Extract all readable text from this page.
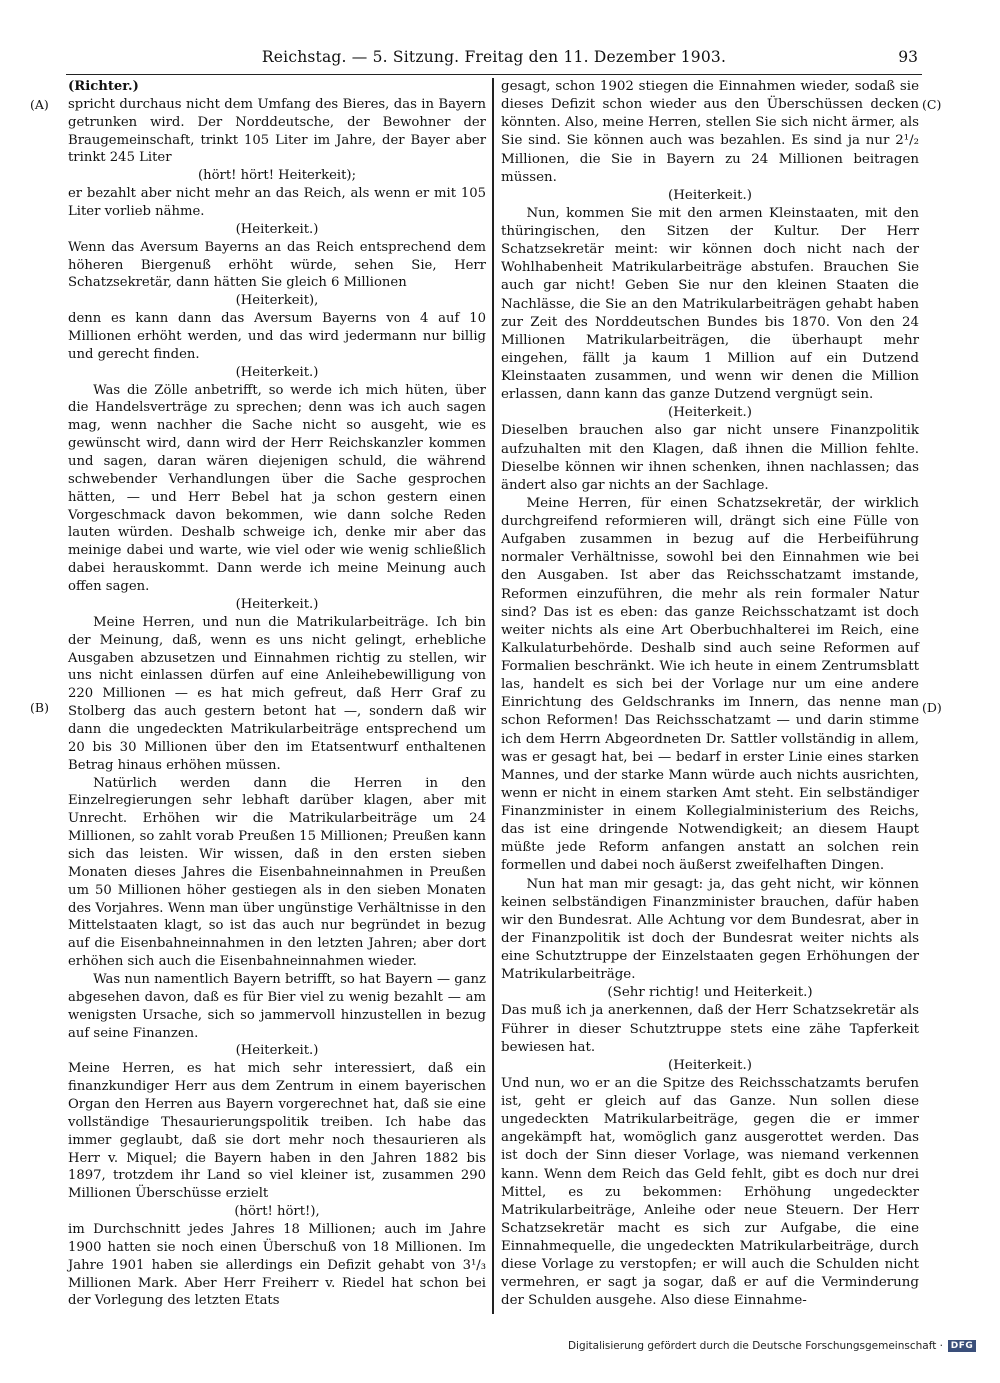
Reichstag. — 5. Sitzung. Freitag den 11. Dezember 1903.	93
(A)
(B)
(C)
(D)

(Richter.)

spricht durchaus nicht dem Umfang des Bieres, das in Bayern getrunken wird. Der Norddeutsche, der Bewohner der Braugemeinschaft, trinkt 105 Liter im Jahre, der Bayer aber trinkt 245 Liter

(hört! hört! Heiterkeit);

er bezahlt aber nicht mehr an das Reich, als wenn er mit 105 Liter vorlieb nähme.

(Heiterkeit.)

Wenn das Aversum Bayerns an das Reich entsprechend dem höheren Biergenuß erhöht würde, sehen Sie, Herr Schatzsekretär, dann hätten Sie gleich 6 Millionen

(Heiterkeit),

denn es kann dann das Aversum Bayerns von 4 auf 10 Millionen erhöht werden, und das wird jedermann nur billig und gerecht finden.

(Heiterkeit.)

Was die Zölle anbetrifft, so werde ich mich hüten, über die Handelsverträge zu sprechen; denn was ich auch sagen mag, wenn nachher die Sache nicht so ausgeht, wie es gewünscht wird, dann wird der Herr Reichskanzler kommen und sagen, daran wären diejenigen schuld, die während schwebender Verhandlungen über die Sache gesprochen hätten, — und Herr Bebel hat ja schon gestern einen Vorgeschmack davon bekommen, wie dann solche Reden lauten würden. Deshalb schweige ich, denke mir aber das meinige dabei und warte, wie viel oder wie wenig schließlich dabei herauskommt. Dann werde ich meine Meinung auch offen sagen.

(Heiterkeit.)

Meine Herren, und nun die Matrikularbeiträge. Ich bin der Meinung, daß, wenn es uns nicht gelingt, erhebliche Ausgaben abzusetzen und Einnahmen richtig zu stellen, wir uns nicht einlassen dürfen auf eine Anleihebewilligung von 220 Millionen — es hat mich gefreut, daß Herr Graf zu Stolberg das auch gestern betont hat —, sondern daß wir dann die ungedeckten Matrikularbeiträge entsprechend um 20 bis 30 Millionen über den im Etatsentwurf enthaltenen Betrag hinaus erhöhen müssen.

Natürlich werden dann die Herren in den Einzelregierungen sehr lebhaft darüber klagen, aber mit Unrecht. Erhöhen wir die Matrikularbeiträge um 24 Millionen, so zahlt vorab Preußen 15 Millionen; Preußen kann sich das leisten. Wir wissen, daß in den ersten sieben Monaten dieses Jahres die Eisenbahneinnahmen in Preußen um 50 Millionen höher gestiegen als in den sieben Monaten des Vorjahres. Wenn man über ungünstige Verhältnisse in den Mittelstaaten klagt, so ist das auch nur begründet in bezug auf die Eisenbahneinnahmen in den letzten Jahren; aber dort erhöhen sich auch die Eisenbahneinnahmen wieder.

Was nun namentlich Bayern betrifft, so hat Bayern — ganz abgesehen davon, daß es für Bier viel zu wenig bezahlt — am wenigsten Ursache, sich so jammervoll hinzustellen in bezug auf seine Finanzen.

(Heiterkeit.)

Meine Herren, es hat mich sehr interessiert, daß ein finanzkundiger Herr aus dem Zentrum in einem bayerischen Organ den Herren aus Bayern vorgerechnet hat, daß sie eine vollständige Thesaurierungspolitik treiben. Ich habe das immer geglaubt, daß sie dort mehr noch thesaurieren als Herr v. Miquel; die Bayern haben in den Jahren 1882 bis 1897, trotzdem ihr Land so viel kleiner ist, zusammen 290 Millionen Überschüsse erzielt

(hört! hört!),

im Durchschnitt jedes Jahres 18 Millionen; auch im Jahre 1900 hatten sie noch einen Überschuß von 18 Millionen. Im Jahre 1901 haben sie allerdings ein Defizit gehabt von 3¹/₃ Millionen Mark. Aber Herr Freiherr v. Riedel hat schon bei der Vorlegung des letzten Etats

gesagt, schon 1902 stiegen die Einnahmen wieder, sodaß sie dieses Defizit schon wieder aus den Überschüssen decken könnten. Also, meine Herren, stellen Sie sich nicht ärmer, als Sie sind. Sie können auch was bezahlen. Es sind ja nur 2¹/₂ Millionen, die Sie in Bayern zu 24 Millionen beitragen müssen.

(Heiterkeit.)

Nun, kommen Sie mit den armen Kleinstaaten, mit den thüringischen, den Sitzen der Kultur. Der Herr Schatzsekretär meint: wir können doch nicht nach der Wohlhabenheit Matrikularbeiträge abstufen. Brauchen Sie auch gar nicht! Geben Sie nur den kleinen Staaten die Nachlässe, die Sie an den Matrikularbeiträgen gehabt haben zur Zeit des Norddeutschen Bundes bis 1870. Von den 24 Millionen Matrikularbeiträgen, die überhaupt mehr eingehen, fällt ja kaum 1 Million auf ein Dutzend Kleinstaaten zusammen, und wenn wir denen die Million erlassen, dann kann das ganze Dutzend vergnügt sein.

(Heiterkeit.)

Dieselben brauchen also gar nicht unsere Finanzpolitik aufzuhalten mit den Klagen, daß ihnen die Million fehlte. Dieselbe können wir ihnen schenken, ihnen nachlassen; das ändert also gar nichts an der Sachlage.

Meine Herren, für einen Schatzsekretär, der wirklich durchgreifend reformieren will, drängt sich eine Fülle von Aufgaben zusammen in bezug auf die Herbeiführung normaler Verhältnisse, sowohl bei den Einnahmen wie bei den Ausgaben. Ist aber das Reichsschatzamt imstande, Reformen einzuführen, die mehr als rein formaler Natur sind? Das ist es eben: das ganze Reichsschatzamt ist doch weiter nichts als eine Art Oberbuchhalterei im Reich, eine Kalkulaturbehörde. Deshalb sind auch seine Reformen auf Formalien beschränkt. Wie ich heute in einem Zentrumsblatt las, handelt es sich bei der Vorlage nur um eine andere Einrichtung des Geldschranks im Innern, das nenne man schon Reformen! Das Reichsschatzamt — und darin stimme ich dem Herrn Abgeordneten Dr. Sattler vollständig in allem, was er gesagt hat, bei — bedarf in erster Linie eines starken Mannes, und der starke Mann würde auch nichts ausrichten, wenn er nicht in einem starken Amt steht. Ein selbständiger Finanzminister in einem Kollegialministerium des Reichs, das ist eine dringende Notwendigkeit; an diesem Haupt müßte jede Reform anfangen anstatt an solchen rein formellen und dabei noch äußerst zweifelhaften Dingen.

Nun hat man mir gesagt: ja, das geht nicht, wir können keinen selbständigen Finanzminister brauchen, dafür haben wir den Bundesrat. Alle Achtung vor dem Bundesrat, aber in der Finanzpolitik ist doch der Bundesrat weiter nichts als eine Schutztruppe der Einzelstaaten gegen Erhöhungen der Matrikularbeiträge.

(Sehr richtig! und Heiterkeit.)

Das muß ich ja anerkennen, daß der Herr Schatzsekretär als Führer in dieser Schutztruppe stets eine zähe Tapferkeit bewiesen hat.

(Heiterkeit.)

Und nun, wo er an die Spitze des Reichsschatzamts berufen ist, geht er gleich auf das Ganze. Nun sollen diese ungedeckten Matrikularbeiträge, gegen die er immer angekämpft hat, womöglich ganz ausgerottet werden. Das ist doch der Sinn dieser Vorlage, was niemand verkennen kann. Wenn dem Reich das Geld fehlt, gibt es doch nur drei Mittel, es zu bekommen: Erhöhung ungedeckter Matrikularbeiträge, Anleihe oder neue Steuern. Der Herr Schatzsekretär macht es sich zur Aufgabe, die eine Einnahmequelle, die ungedeckten Matrikularbeiträge, durch diese Vorlage zu verstopfen; er will auch die Schulden nicht vermehren, er sagt ja sogar, daß er auf die Verminderung der Schulden ausgehe. Also diese Einnahme-

Digitalisierung gefördert durch die Deutsche Forschungsgemeinschaft · DFG
